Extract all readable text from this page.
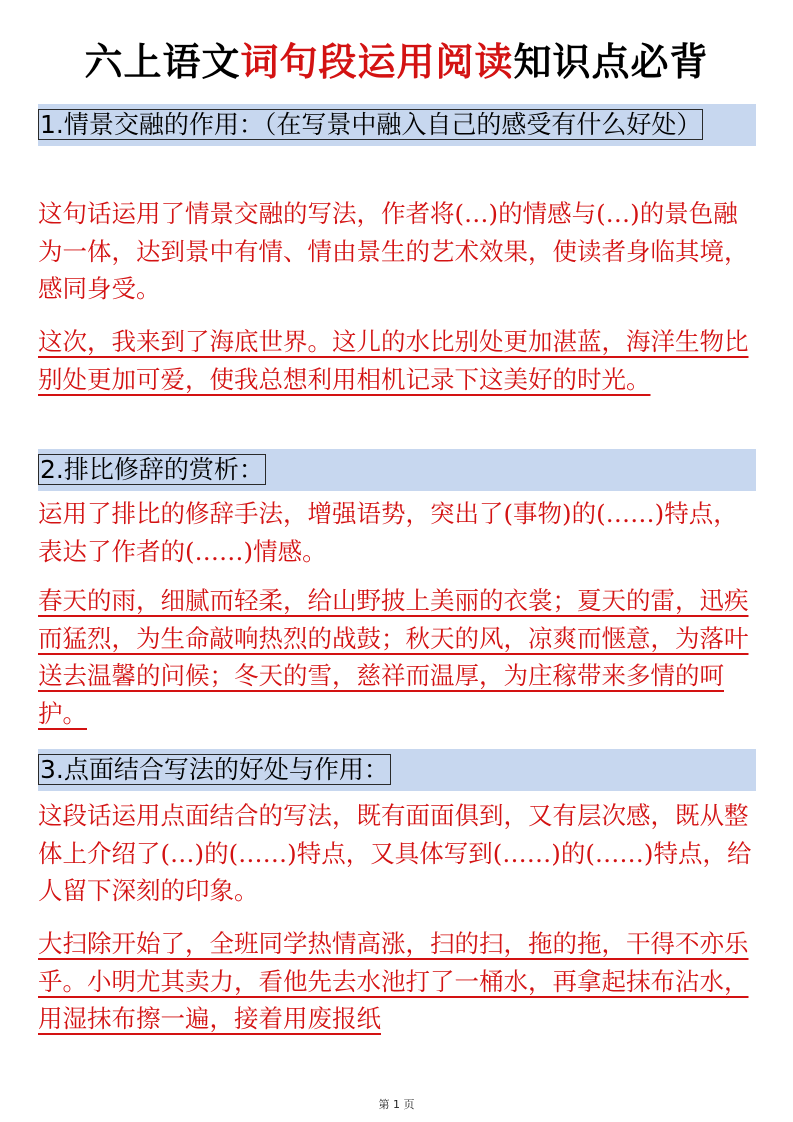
六上语文词句段运用阅读知识点必背
1.情景交融的作用：（在写景中融入自己的感受有什么好处）
这句话运用了情景交融的写法，作者将(…)的情感与(…)的景色融为一体，达到景中有情、情由景生的艺术效果，使读者身临其境，感同身受。
这次，我来到了海底世界。这儿的水比别处更加湛蓝，海洋生物比别处更加可爱，使我总想利用相机记录下这美好的时光。
2.排比修辞的赏析：
运用了排比的修辞手法，增强语势，突出了(事物)的(……)特点，表达了作者的(……)情感。
春天的雨，细腻而轻柔，给山野披上美丽的衣裳；夏天的雷，迅疾而猛烈，为生命敲响热烈的战鼓；秋天的风，凉爽而惬意，为落叶送去温馨的问候；冬天的雪，慈祥而温厚，为庄稼带来多情的呵护。
3.点面结合写法的好处与作用：
这段话运用点面结合的写法，既有面面俱到，又有层次感，既从整体上介绍了(…)的(……)特点，又具体写到(……)的(……)特点，给人留下深刻的印象。
大扫除开始了，全班同学热情高涨，扫的扫，拖的拖，干得不亦乐乎。小明尤其卖力，看他先去水池打了一桶水，再拿起抹布沾水，用湿抹布擦一遍，接着用废报纸
第 1 页
